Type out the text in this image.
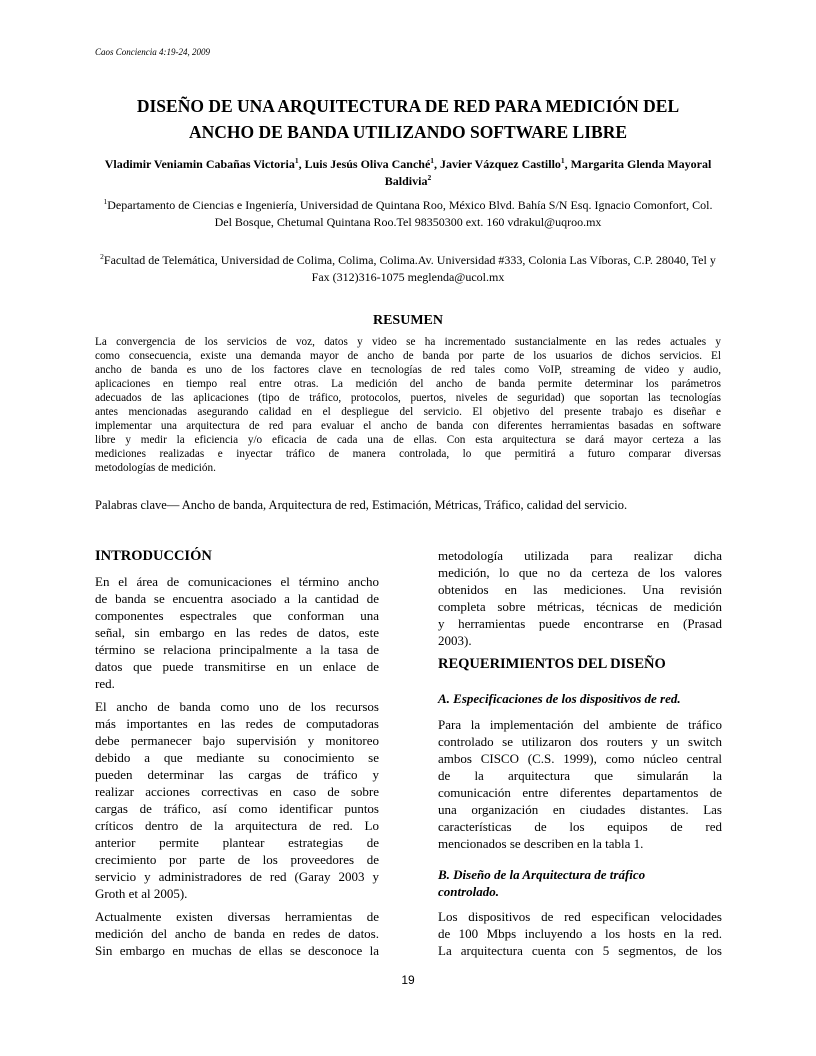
Caos Conciencia 4:19-24, 2009
DISEÑO DE UNA ARQUITECTURA DE RED PARA MEDICIÓN DEL
ANCHO DE BANDA UTILIZANDO SOFTWARE LIBRE
Vladimir Veniamin Cabañas Victoria$^1$, Luis Jesús Oliva Canché$^1$, Javier Vázquez Castillo$^1$, Margarita Glenda Mayoral Baldivia$^2$
$^1$Departamento de Ciencias e Ingeniería, Universidad de Quintana Roo, México Blvd. Bahía S/N Esq. Ignacio Comonfort, Col. Del Bosque, Chetumal Quintana Roo.Tel 98350300 ext. 160 vdrakul@uqroo.mx
$^2$Facultad de Telemática, Universidad de Colima, Colima, Colima.Av. Universidad #333, Colonia Las Víboras, C.P. 28040, Tel y Fax (312)316-1075 meglenda@ucol.mx
RESUMEN
La convergencia de los servicios de voz, datos y video se ha incrementado sustancialmente en las redes actuales y
como consecuencia, existe una demanda mayor de ancho de banda por parte de los usuarios de dichos servicios. El
ancho de banda es uno de los factores clave en tecnologías de red tales como VoIP, streaming de video y audio,
aplicaciones en tiempo real entre otras. La medición del ancho de banda permite determinar los parámetros
adecuados de las aplicaciones (tipo de tráfico, protocolos, puertos, niveles de seguridad) que soportan las tecnologías
antes mencionadas asegurando calidad en el despliegue del servicio. El objetivo del presente trabajo es diseñar e
implementar una arquitectura de red para evaluar el ancho de banda con diferentes herramientas basadas en software
libre y medir la eficiencia y/o eficacia de cada una de ellas. Con esta arquitectura se dará mayor certeza a las
mediciones realizadas e inyectar tráfico de manera controlada, lo que permitirá a futuro comparar diversas
metodologías de medición.
Palabras clave— Ancho de banda, Arquitectura de red, Estimación, Métricas, Tráfico, calidad del servicio.
INTRODUCCIÓN
En el área de comunicaciones el término ancho
de banda se encuentra asociado a la cantidad de
componentes espectrales que conforman una
señal, sin embargo en las redes de datos, este
término se relaciona principalmente a la tasa de
datos que puede transmitirse en un enlace de
red.
El ancho de banda como uno de los recursos
más importantes en las redes de computadoras
debe permanecer bajo supervisión y monitoreo
debido a que mediante su conocimiento se
pueden determinar las cargas de tráfico y
realizar acciones correctivas en caso de sobre
cargas de tráfico, así como identificar puntos
críticos dentro de la arquitectura de red. Lo
anterior permite plantear estrategias de
crecimiento por parte de los proveedores de
servicio y administradores de red (Garay 2003 y
Groth et al 2005).
Actualmente existen diversas herramientas de
medición del ancho de banda en redes de datos.
Sin embargo en muchas de ellas se desconoce la
metodología utilizada para realizar dicha
medición, lo que no da certeza de los valores
obtenidos en las mediciones. Una revisión
completa sobre métricas, técnicas de medición
y herramientas puede encontrarse en (Prasad
2003).
REQUERIMIENTOS DEL DISEÑO
A. Especificaciones de los dispositivos de red.
Para la implementación del ambiente de tráfico
controlado se utilizaron dos routers y un switch
ambos CISCO (C.S. 1999), como núcleo central
de la arquitectura que simularán la
comunicación entre diferentes departamentos de
una organización en ciudades distantes. Las
características de los equipos de red
mencionados se describen en la tabla 1.
B. Diseño de la Arquitectura de tráfico
controlado.
Los dispositivos de red especifican velocidades
de 100 Mbps incluyendo a los hosts en la red.
La arquitectura cuenta con 5 segmentos, de los
19
